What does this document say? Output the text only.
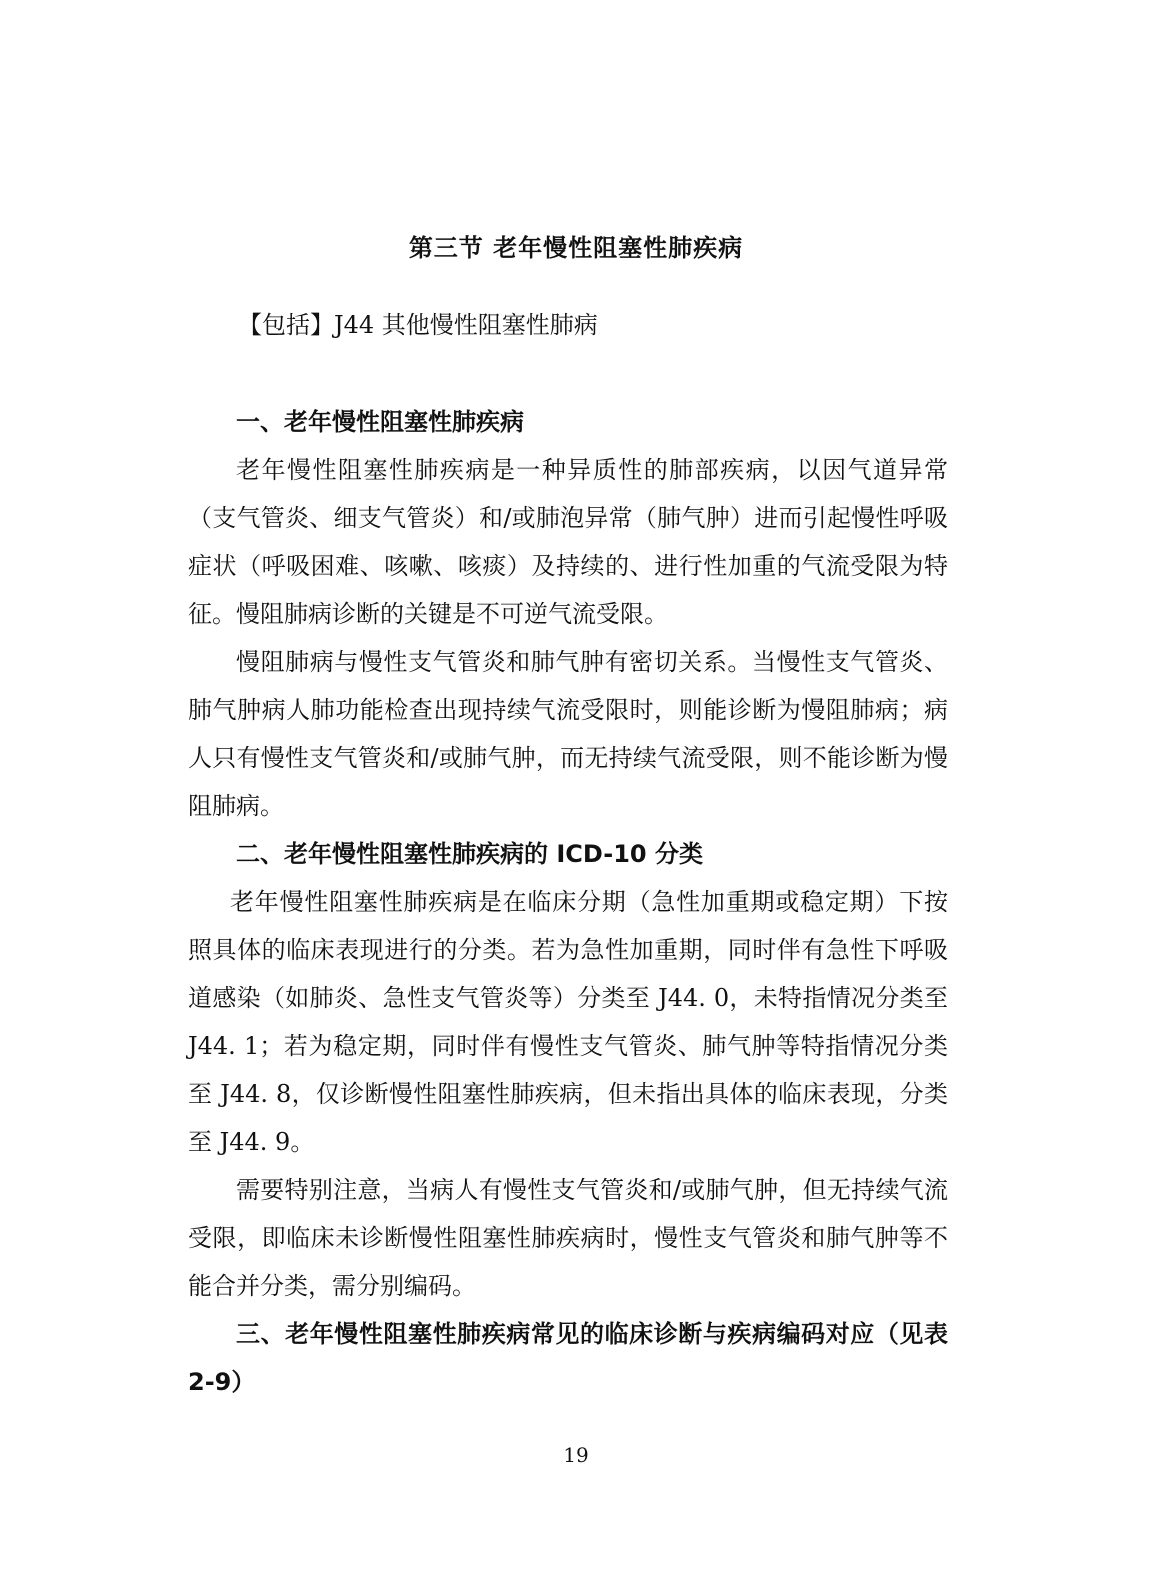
第三节 老年慢性阻塞性肺疾病
【包括】J44 其他慢性阻塞性肺病

一、老年慢性阻塞性肺疾病

老年慢性阻塞性肺疾病是一种异质性的肺部疾病，以因气道异常（支气管炎、细支气管炎）和/或肺泡异常（肺气肿）进而引起慢性呼吸症状（呼吸困难、咳嗽、咳痰）及持续的、进行性加重的气流受限为特征。慢阻肺病诊断的关键是不可逆气流受限。

慢阻肺病与慢性支气管炎和肺气肿有密切关系。当慢性支气管炎、肺气肿病人肺功能检查出现持续气流受限时，则能诊断为慢阻肺病；病人只有慢性支气管炎和/或肺气肿，而无持续气流受限，则不能诊断为慢阻肺病。

二、老年慢性阻塞性肺疾病的 ICD-10 分类

老年慢性阻塞性肺疾病是在临床分期（急性加重期或稳定期）下按照具体的临床表现进行的分类。若为急性加重期，同时伴有急性下呼吸道感染（如肺炎、急性支气管炎等）分类至 J44. 0，未特指情况分类至 J44. 1；若为稳定期，同时伴有慢性支气管炎、肺气肿等特指情况分类至 J44. 8，仅诊断慢性阻塞性肺疾病，但未指出具体的临床表现，分类至 J44. 9。

需要特别注意，当病人有慢性支气管炎和/或肺气肿，但无持续气流受限，即临床未诊断慢性阻塞性肺疾病时，慢性支气管炎和肺气肿等不能合并分类，需分别编码。

三、老年慢性阻塞性肺疾病常见的临床诊断与疾病编码对应（见表 2-9）

19
